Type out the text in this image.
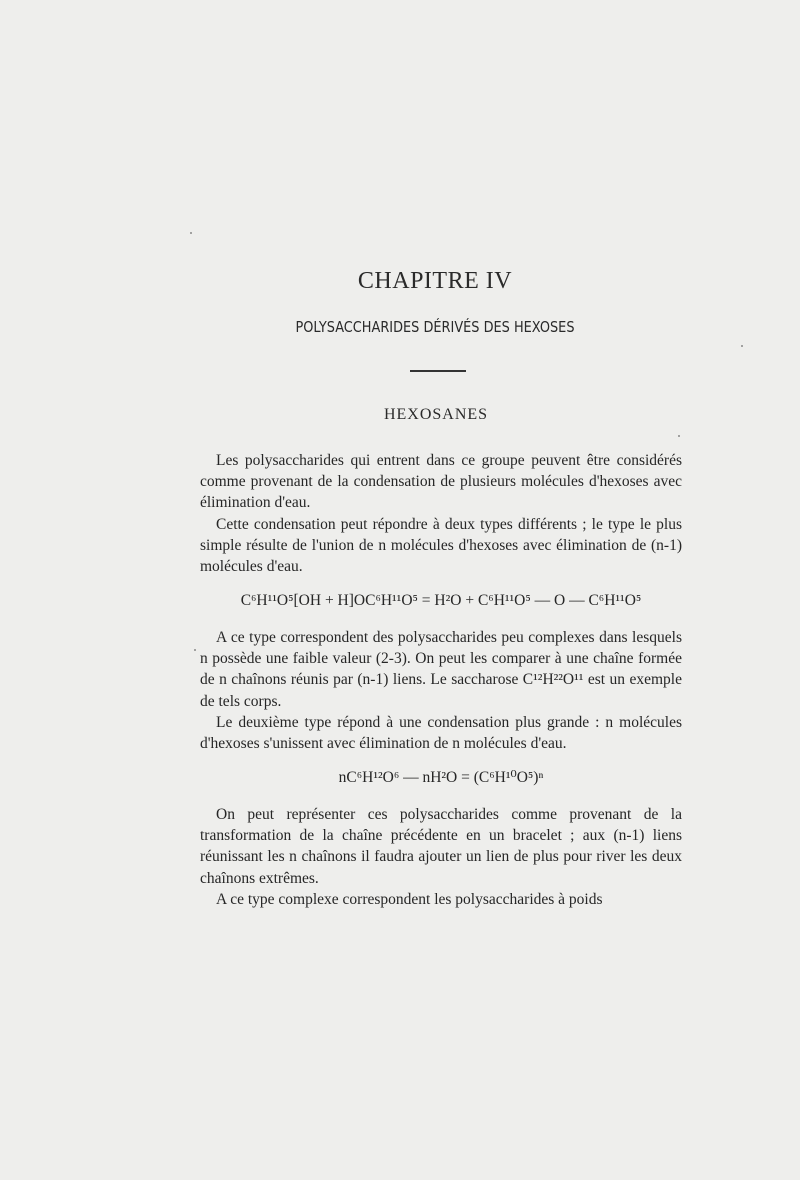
CHAPITRE IV
POLYSACCHARIDES DÉRIVÉS DES HEXOSES
HEXOSANES

Les polysaccharides qui entrent dans ce groupe peuvent être considérés comme provenant de la condensation de plusieurs molécules d'hexoses avec élimination d'eau.

Cette condensation peut répondre à deux types différents ; le type le plus simple résulte de l'union de n molécules d'hexoses avec élimination de (n-1) molécules d'eau.

C⁶H¹¹O⁵[OH + H]OC⁶H¹¹O⁵ = H²O + C⁶H¹¹O⁵ — O — C⁶H¹¹O⁵

A ce type correspondent des polysaccharides peu complexes dans lesquels n possède une faible valeur (2-3). On peut les comparer à une chaîne formée de n chaînons réunis par (n-1) liens. Le saccharose C¹²H²²O¹¹ est un exemple de tels corps.

Le deuxième type répond à une condensation plus grande : n molécules d'hexoses s'unissent avec élimination de n molécules d'eau.

nC⁶H¹²O⁶ — nH²O = (C⁶H¹⁰O⁵)ⁿ

On peut représenter ces polysaccharides comme provenant de la transformation de la chaîne précédente en un bracelet ; aux (n-1) liens réunissant les n chaînons il faudra ajouter un lien de plus pour river les deux chaînons extrêmes.

A ce type complexe correspondent les polysaccharides à poids
